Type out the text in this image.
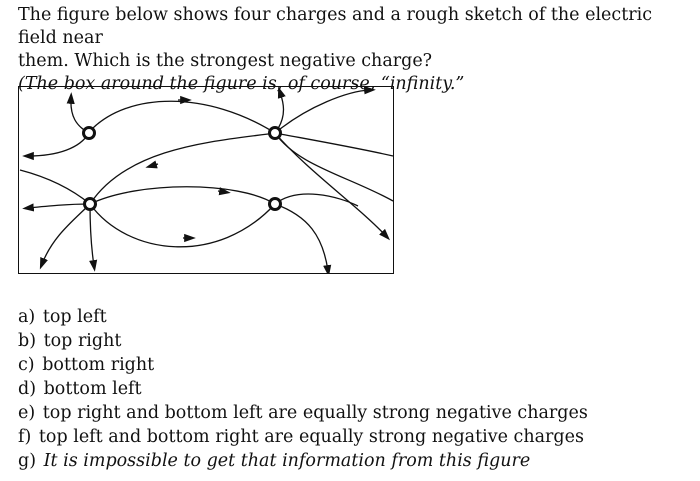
The figure below shows four charges and a rough sketch of the electric field near

them. Which is the strongest negative charge?

(The box around the figure is, of course, “infinity.”

a) top left
b) top right
c) bottom right
d) bottom left
e) top right and bottom left are equally strong negative charges
f) top left and bottom right are equally strong negative charges
g) It is impossible to get that information from this figure
